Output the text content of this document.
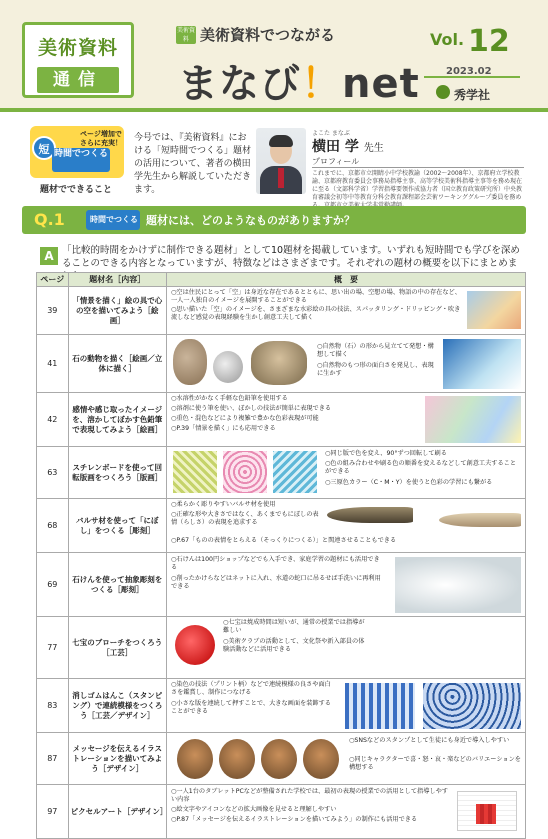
美術資料
通信
美術資料 美術資料でつながる
まなび！net
Vol. 12
2023.02
秀学社
ページ増加でさらに充実！
短 時間でつくる
題材でできること
今号では、『美術資料』における「短時間でつくる」題材の活用について、著者の横田学先生から解説していただきます。
よこた まなぶ
横田 学 先生
プロフィール
これまでに、京都市立開睛小中学校教諭（2002～2008年）、京都府立学校教諭、京都府教育委員会事務局指導主事、高等学校美術科指導主事等を務め現在に至る（文部科学省）学習指導要領作成協力者（国立教育政策研究所）中央教育審議会初等中等教育分科会教育課程部会芸術ワーキンググループ委員を務め
Q.1	時間でつくる 題材には、どのようなものがありますか？
A 「比較的時間をかけずに制作できる題材」として10題材を掲載しています。いずれも短時間でも学びを深めることのできる内容となっていますが、特徴などはさまざまです。それぞれの題材の概要を以下にまとめま
ページ	題材名［内容］	概　要
39	「情景を描く」絵の具で心の空を描いてみよう［絵画］	○空は住民にとって「空」は身近な存在であるとともに、思い出の場、空想の場、物語の中の存在など、一人一人独自のイメージを展開することができる
○思い描いた「空」のイメージを、さまざまな水彩絵の具の技法、スパッタリング・ドリッピング・吹き流しなど感覚の表現経験を生かし創意工夫して描く

41	石の動物を描く［絵画／立体に描く］	○自然物（石）の形から見立てて発想・構想して描く
○自然物のもつ形の面白さを発見し、表現に生かす

42	感情や感じ取ったイメージを、溶かしてぼかす色鉛筆で表現してみよう［絵画］	○水溶性がかなく手軽な色鉛筆を使用する
○溶剤に使う筆を使い、ぼかしの技法が簡単に表現できる
○重色・混色などにより複雑で豊かな色彩表現が可能
○P.39「情景を描く」にも応用できる

63	スチレンボードを使って回転版画をつくろう［版画］	○同じ版で色を変え、90°ずつ回転して刷る
○色の組み合わせや刷る色の順番を変えるなどして創意工夫することができる
○三原色カラー（C・M・Y）を使うと色彩の学習にも繋がる

68	バルサ材を使って「にぼし」をつくる［彫刻］	○柔らかく彫りやすいバルサ材を使用
○正確な形や大きさではなく、あくまでもにぼしの表情（らしさ）の表現を追求する
○P.67「ものの表情をとらえる（そっくりにつくる）」と関連させることもできる

69	石けんを使って抽象彫刻をつくる［彫刻］	○石けんは100円ショップなどでも入手でき、家庭学習の題材にも活用できる
○削ったかけらなどはネットに入れ、水道の蛇口に吊るせば手洗いに再利用できる

77	七宝のブローチをつくろう［工芸］	○七宝は焼成時間は短いが、通常の授業では指導が難しい
○美術クラブの活動として、文化祭や新入部員の体験活動などに活用できる

83	消しゴムはんこ（スタンピング）で連続模様をつくろう［工芸／デザイン］	○染色の技法（プリント柄）などで連続模様の良さや面白さを鑑賞し、制作につなげる
○小さな版を連続して押すことで、大きな画面を装飾することができる

87	メッセージを伝えるイラストレーションを描いてみよう［デザイン］	○SNSなどのスタンプとして生徒にも身近で導入しやすい
○同じキャラクターで喜・怒・哀・楽などのバリエーションを構想する

97	ピクセルアート［デザイン］	○一人1台のタブレットPCなどが整備された学校では、最初の表現の授業での活用として指導しやすい内容
○絵文字やアイコンなどの拡大画像を見せると理解しやすい
○P.87「メッセージを伝えるイラストレーションを描いてみよう」の制作にも活用できる
